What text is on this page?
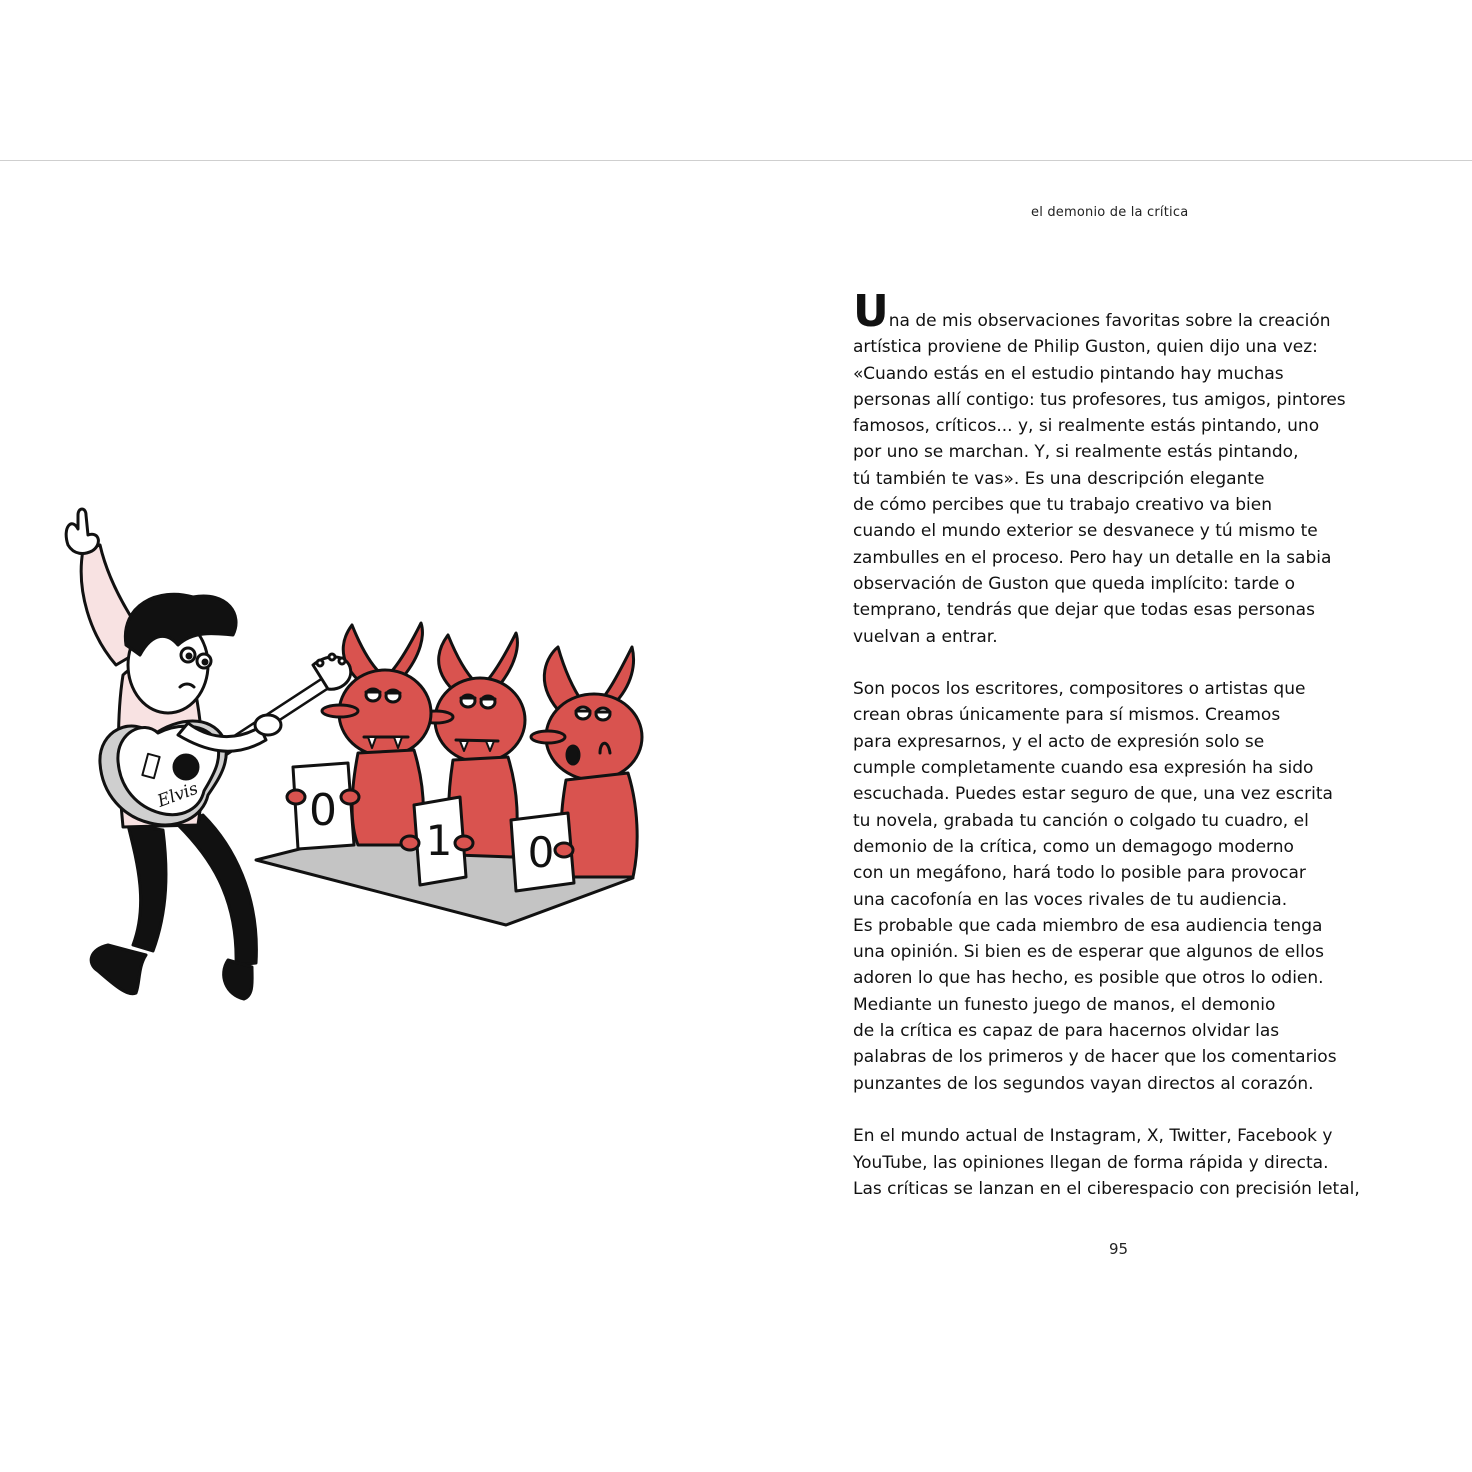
el demonio de la crítica
0
1 0
Elvis

Una de mis observaciones favoritas sobre la creación
artística proviene de Philip Guston, quien dijo una vez:
«Cuando estás en el estudio pintando hay muchas
personas allí contigo: tus profesores, tus amigos, pintores
famosos, críticos... y, si realmente estás pintando, uno
por uno se marchan. Y, si realmente estás pintando,
tú también te vas». Es una descripción elegante
de cómo percibes que tu trabajo creativo va bien
cuando el mundo exterior se desvanece y tú mismo te
zambulles en el proceso. Pero hay un detalle en la sabia
observación de Guston que queda implícito: tarde o
temprano, tendrás que dejar que todas esas personas
vuelvan a entrar.

Son pocos los escritores, compositores o artistas que
crean obras únicamente para sí mismos. Creamos
para expresarnos, y el acto de expresión solo se
cumple completamente cuando esa expresión ha sido
escuchada. Puedes estar seguro de que, una vez escrita
tu novela, grabada tu canción o colgado tu cuadro, el
demonio de la crítica, como un demagogo moderno
con un megáfono, hará todo lo posible para provocar
una cacofonía en las voces rivales de tu audiencia.
Es probable que cada miembro de esa audiencia tenga
una opinión. Si bien es de esperar que algunos de ellos
adoren lo que has hecho, es posible que otros lo odien.
Mediante un funesto juego de manos, el demonio
de la crítica es capaz de para hacernos olvidar las
palabras de los primeros y de hacer que los comentarios
punzantes de los segundos vayan directos al corazón.

En el mundo actual de Instagram, X, Twitter, Facebook y
YouTube, las opiniones llegan de forma rápida y directa.
Las críticas se lanzan en el ciberespacio con precisión letal,

95
